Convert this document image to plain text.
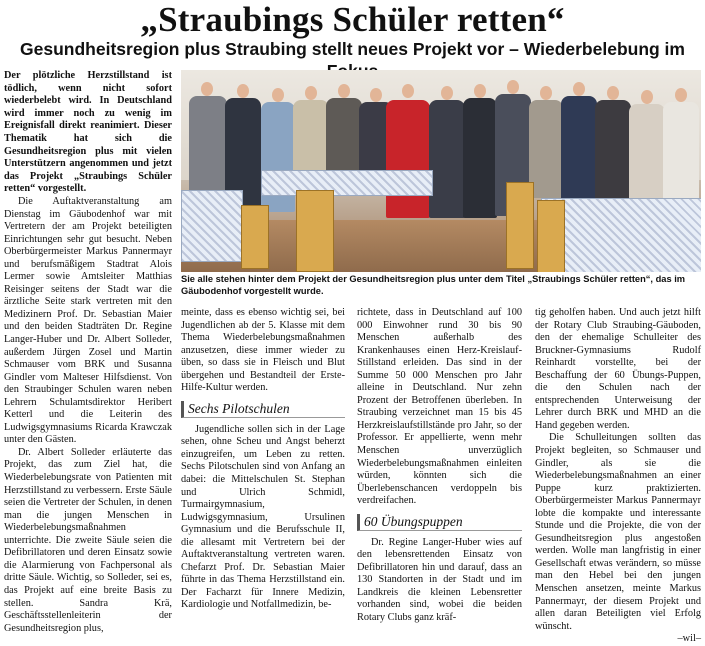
„Straubings Schüler retten“
Gesundheitsregion plus Straubing stellt neues Projekt vor – Wiederbelebung im
Der plötzliche Herzstillstand ist tödlich, wenn nicht sofort wiederbelebt wird. In Deutschland wird immer noch zu wenig im Ereignisfall direkt reanimiert. Dieser Thematik hat sich die Gesundheitsregion plus mit vielen Unterstützern angenommen und jetzt das Projekt „Straubings Schüler retten“ vorgestellt.
Sie alle stehen hinter dem Projekt der Gesundheitsregion plus unter dem Titel „Straubings Schüler retten“, das im Gäubodenhof vorgestellt wurde.

Die Auftaktveranstaltung am Dienstag im Gäubodenhof war mit Vertretern der am Projekt beteiligten Einrichtungen sehr gut besucht. Neben Oberbürgermeister Markus Pannermayr und berufsmäßigem Stadtrat Alois Lermer sowie Amtsleiter Matthias Reisinger seitens der Stadt war die ärztliche Seite stark vertreten mit den Medizinern Prof. Dr. Sebastian Maier und den beiden Stadträten Dr. Regine Langer-Huber und Dr. Albert Solleder, außerdem Jürgen Zosel und Martin Schmauser vom BRK und Susanna Gindler vom Malteser Hilfsdienst. Von den Straubinger Schulen waren neben Lehrern Schulamtsdirektor Heribert Ketterl und die Leiterin des Ludwigsgymnasiums Ricarda Krawczak unter den Gästen.

Dr. Albert Solleder erläuterte das Projekt, das zum Ziel hat, die Wiederbelebungsrate von Patienten mit Herzstillstand zu verbessern. Erste Säule seien die Vertreter der Schulen, in denen man die jungen Menschen in Wiederbelebungsmaßnahmen unterrichte. Die zweite Säule seien die Defibrillatoren und deren Einsatz sowie die Alarmierung von Fachpersonal als dritte Säule. Wichtig, so Solleder, sei es, das Projekt auf eine breite Basis zu stellen. Sandra Krä, Geschäftsstellenleiterin der Gesundheitsregion plus,

meinte, dass es ebenso wichtig sei, bei Jugendlichen ab der 5. Klasse mit dem Thema Wiederbelebungsmaßnahmen anzusetzen, diese immer wieder zu üben, so dass sie in Fleisch und Blut übergehen und Bestandteil der Erste-Hilfe-Kultur werden.

Sechs Pilotschulen

Jugendliche sollen sich in der Lage sehen, ohne Scheu und Angst beherzt einzugreifen, um Leben zu retten. Sechs Pilotschulen sind von Anfang an dabei: die Mittelschulen St. Stephan und Ulrich Schmidl, Turmairgymnasium, Ludwigsgymnasium, Ursulinen Gymnasium und die Berufsschule II, die allesamt mit Vertretern bei der Auftaktveranstaltung vertreten waren. Chefarzt Prof. Dr. Sebastian Maier führte in das Thema Herzstillstand ein. Der Facharzt für Innere Medizin, Kardiologie und Notfallmedizin, be-

richtete, dass in Deutschland auf 100 000 Einwohner rund 30 bis 90 Menschen außerhalb des Krankenhauses einen Herz-Kreislauf-Stillstand erleiden. Das sind in der Summe 50 000 Menschen pro Jahr alleine in Deutschland. Nur zehn Prozent der Betroffenen überleben. In Straubing verzeichnet man 15 bis 45 Herzkreislaufstillstände pro Jahr, so der Professor. Er appellierte, wenn mehr Menschen unverzüglich Wiederbelebungsmaßnahmen einleiten würden, könnten sich die Überlebenschancen verdoppeln bis verdreifachen.

60 Übungspuppen

Dr. Regine Langer-Huber wies auf den lebensrettenden Einsatz von Defibrillatoren hin und darauf, dass an 130 Standorten in der Stadt und im Landkreis die kleinen Lebensretter vorhanden sind, wobei die beiden Rotary Clubs ganz kräf-

tig geholfen haben. Und auch jetzt hilft der Rotary Club Straubing-Gäuboden, den der ehemalige Schulleiter des Bruckner-Gymnasiums Rudolf Reinhardt vorstellte, bei der Beschaffung der 60 Übungs-Puppen, die den Schulen nach der entsprechenden Unterweisung der Lehrer durch BRK und MHD an die Hand gegeben werden.

Die Schulleitungen sollten das Projekt begleiten, so Schmauser und Gindler, als sie die Wiederbelebungsmaßnahmen an einer Puppe kurz praktizierten. Oberbürgermeister Markus Pannermayr lobte die kompakte und interessante Stunde und die Projekte, die von der Gesundheitsregion plus angestoßen werden. Wolle man langfristig in einer Gesellschaft etwas verändern, so müsse man den Hebel bei den jungen Menschen ansetzen, meinte Markus Pannermayr, der diesem Projekt und allen daran Beteiligten viel Erfolg wünscht.

–wil–
